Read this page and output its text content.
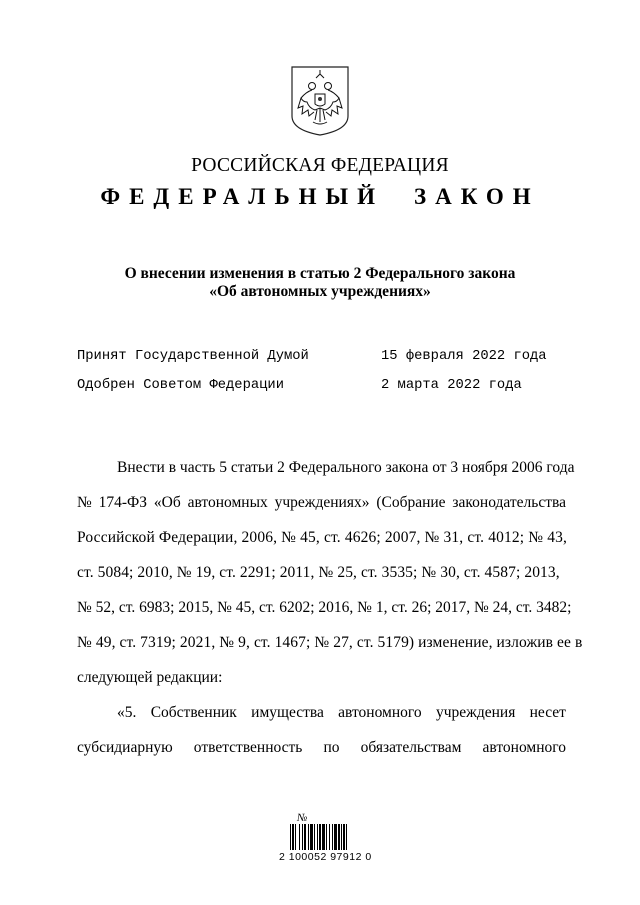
РОССИЙСКАЯ ФЕДЕРАЦИЯ
ФЕДЕРАЛЬНЫЙ ЗАКОН
О внесении изменения в статью 2 Федерального закона
«Об автономных учреждениях»
Принят Государственной Думой	15 февраля 2022 года
Одобрен Советом Федерации	2 марта 2022 года
Внести в часть 5 статьи 2 Федерального закона от 3 ноября 2006 года
№ 174-ФЗ «Об автономных учреждениях» (Собрание законодательства
Российской Федерации, 2006, № 45, ст. 4626; 2007, № 31, ст. 4012; № 43,
ст. 5084; 2010, № 19, ст. 2291; 2011, № 25, ст. 3535; № 30, ст. 4587; 2013,
№ 52, ст. 6983; 2015, № 45, ст. 6202; 2016, № 1, ст. 26; 2017, № 24, ст. 3482;
№ 49, ст. 7319; 2021, № 9, ст. 1467; № 27, ст. 5179) изменение, изложив ее в
следующей редакции:
«5. Собственник имущества автономного учреждения несет
субсидиарную ответственность по обязательствам автономного
№
2 100052 97912 0
